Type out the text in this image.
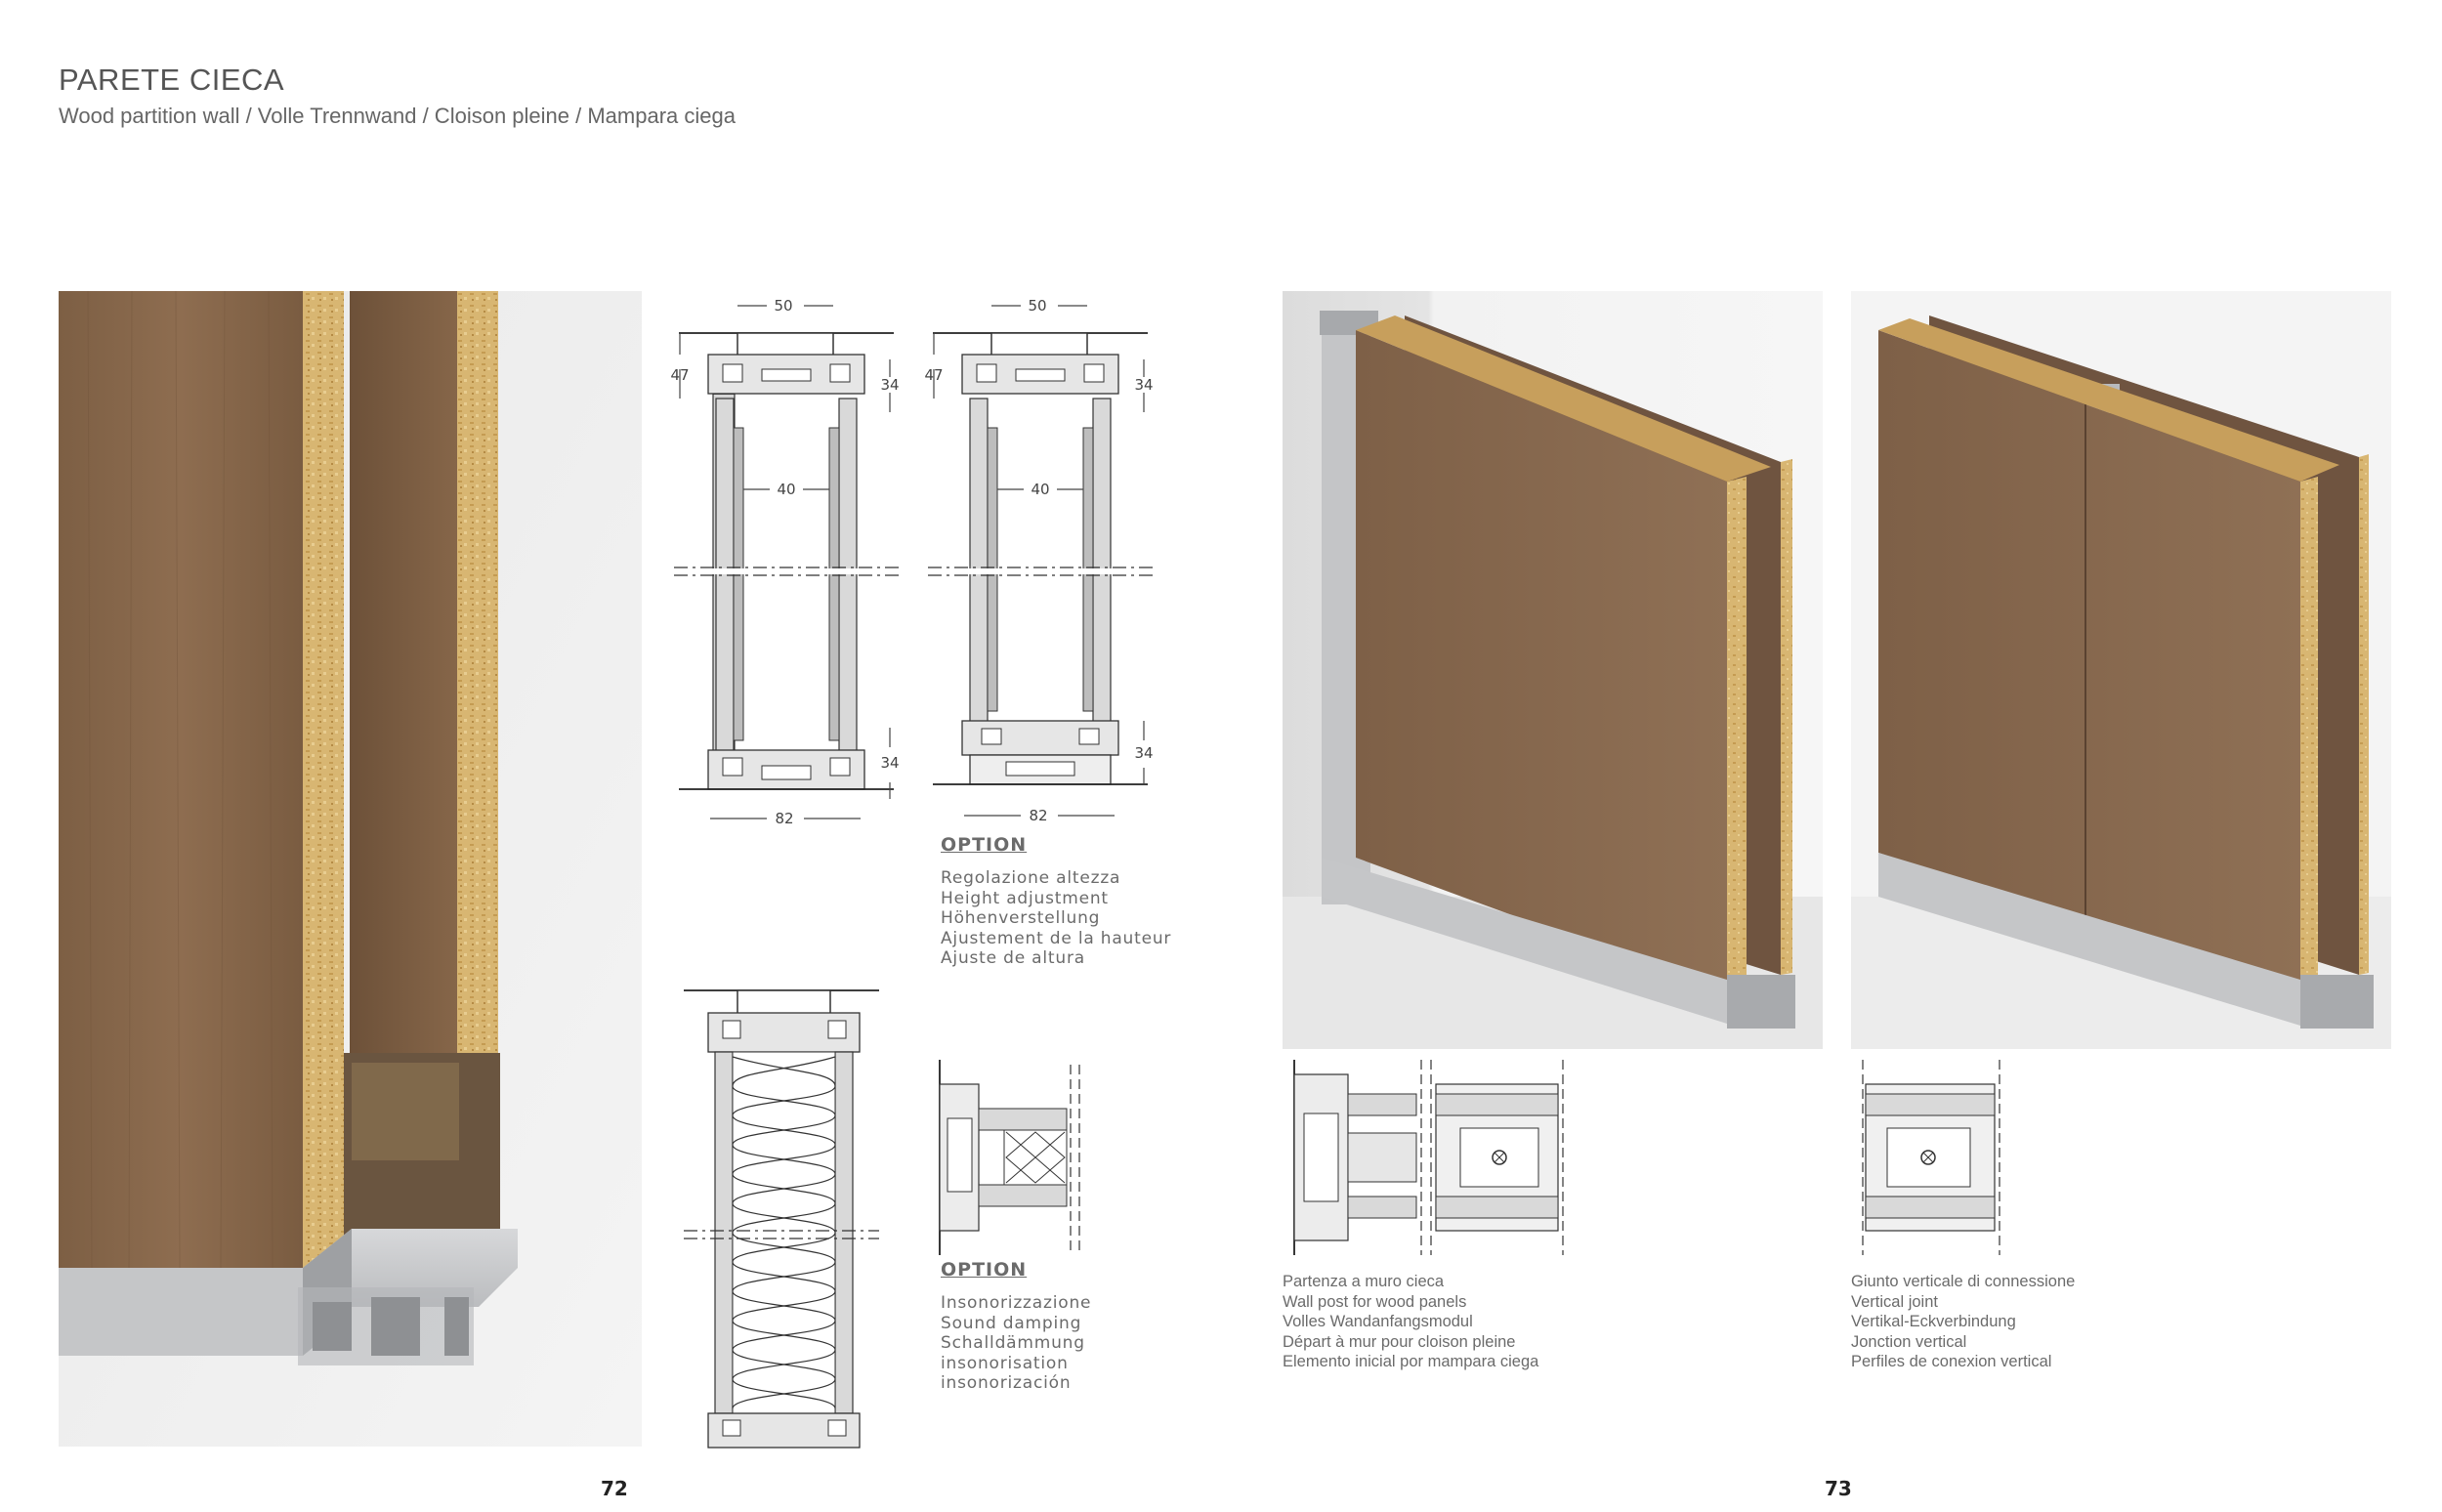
PARETE CIECA
Wood partition wall / Volle Trennwand / Cloison pleine / Mampara ciega
50
47
34
40
34
82
50
47
34
40
34
82
OPTION
Regolazione altezza
Height adjustment
Höhenverstellung
Ajustement de la hauteur
Ajuste de altura
OPTION
Insonorizzazione
Sound damping
Schalldämmung
insonorisation
insonorización
72
Partenza a muro cieca
Wall post for wood panels
Volles Wandanfangsmodul
Départ à mur pour cloison pleine
Elemento inicial por mampara ciega
Giunto verticale di connessione
Vertical joint
Vertikal-Eckverbindung
Jonction vertical
Perfiles de conexion vertical
73
